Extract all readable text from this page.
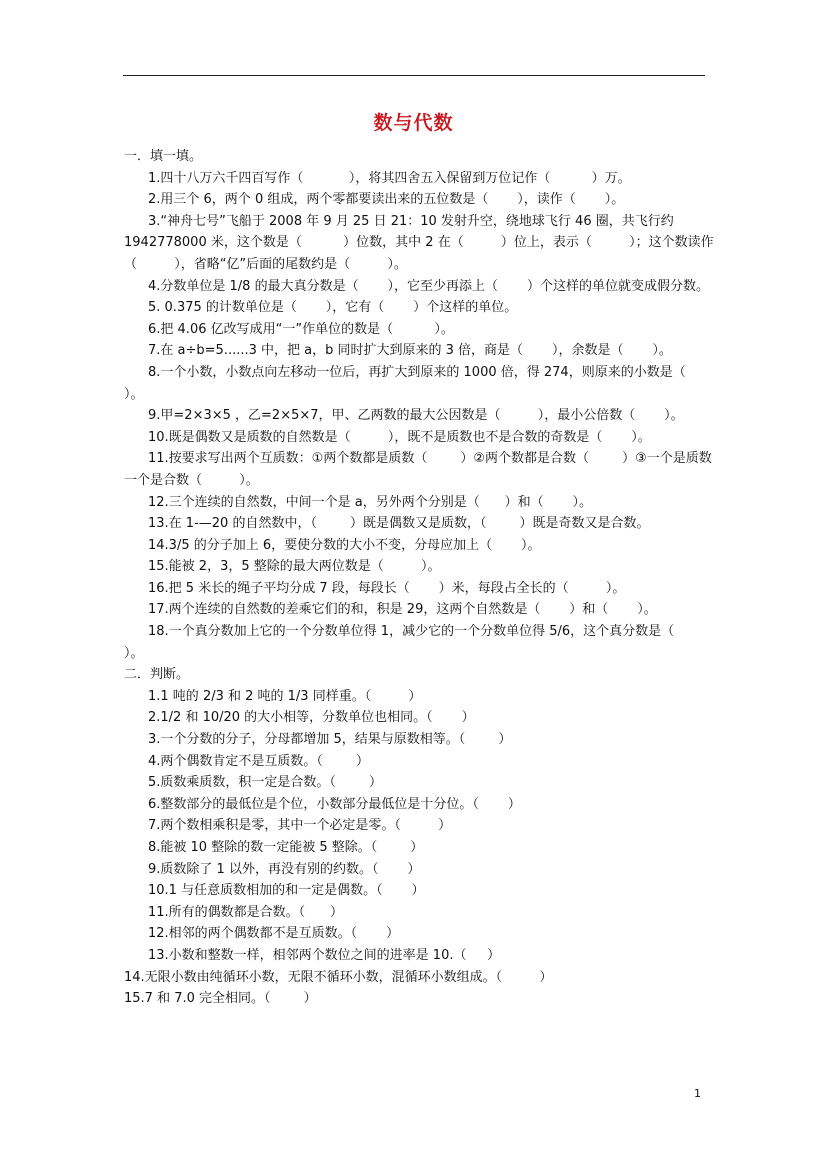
数与代数

一．填一填。

1.四十八万六千四百写作（           ），将其四舍五入保留到万位记作（          ）万。

2.用三个 6，两个 0 组成，两个零都要读出来的五位数是（       ），读作（       ）。

3.“神舟七号”飞船于 2008 年 9 月 25 日 21：10 发射升空，绕地球飞行 46 圈，共飞行约 1942778000 米，这个数是（          ）位数，其中 2 在（         ）位上，表示（         ）；这个数读作（         ），省略“亿”后面的尾数约是（         ）。

4.分数单位是 1/8 的最大真分数是（       ），它至少再添上（       ）个这样的单位就变成假分数。

5. 0.375 的计数单位是（       ），它有（       ）个这样的单位。

6.把 4.06 亿改写成用“一”作单位的数是（          ）。

7.在 a÷b=5......3 中，把 a，b 同时扩大到原来的 3 倍，商是（       ），余数是（       ）。

8.一个小数，小数点向左移动一位后，再扩大到原来的 1000 倍，得 274，则原来的小数是（       ）。

9.甲=2×3×5 ，乙=2×5×7，甲、乙两数的最大公因数是（         ），最小公倍数（       ）。

10.既是偶数又是质数的自然数是（         ），既不是质数也不是合数的奇数是（       ）。

11.按要求写出两个互质数：①两个数都是质数（        ）②两个数都是合数（        ）③一个是质数一个是合数（         ）。

12.三个连续的自然数，中间一个是 a，另外两个分别是（      ）和（       ）。

13.在 1-—20 的自然数中，（        ）既是偶数又是质数，（        ）既是奇数又是合数。

14.3/5 的分子加上 6，要使分数的大小不变，分母应加上（       ）。

15.能被 2，3，5 整除的最大两位数是（         ）。

16.把 5 米长的绳子平均分成 7 段，每段长（       ）米，每段占全长的（         ）。

17.两个连续的自然数的差乘它们的和，积是 29，这两个自然数是（       ）和（       ）。

18.一个真分数加上它的一个分数单位得 1，减少它的一个分数单位得 5/6，这个真分数是（       ）。

二．判断。

1.1 吨的 2/3 和 2 吨的 1/3 同样重。（         ）

2.1/2 和 10/20 的大小相等，分数单位也相同。（       ）

3.一个分数的分子，分母都增加 5，结果与原数相等。（        ）

4.两个偶数肯定不是互质数。（        ）

5.质数乘质数，积一定是合数。（        ）

6.整数部分的最低位是个位，小数部分最低位是十分位。（       ）

7.两个数相乘积是零，其中一个必定是零。（         ）

8.能被 10 整除的数一定能被 5 整除。（        ）

9.质数除了 1 以外，再没有别的约数。（       ）

10.1 与任意质数相加的和一定是偶数。（       ）

11.所有的偶数都是合数。（      ）

12.相邻的两个偶数都不是互质数。（       ）

13.小数和整数一样，相邻两个数位之间的进率是 10.（     ）

14.无限小数由纯循环小数，无限不循环小数，混循环小数组成。（         ）

15.7 和 7.0 完全相同。（        ）

1
